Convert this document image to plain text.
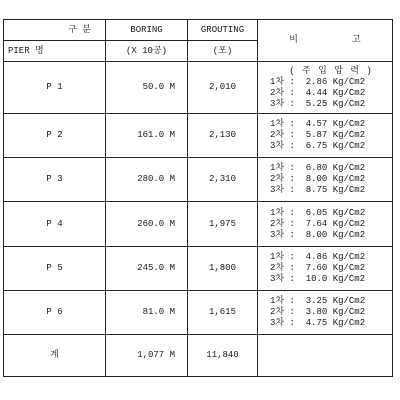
구 분	BORING	GROUTING	비          고

PIER 명	(X 10공)	(포)	
P 1	50.0 M	2,010	( 주 입 압 력 )
1차 :  2.86 Kg/Cm2
2차 :  4.44 Kg/Cm2
3차 :  5.25 Kg/Cm2

P 2	161.0 M	2,130	1차 :  4.57 Kg/Cm2
2차 :  5.87 Kg/Cm2
3차 :  6.75 Kg/Cm2

P 3	280.0 M	2,310	1차 :  6.80 Kg/Cm2
2차 :  8.00 Kg/Cm2
3차 :  8.75 Kg/Cm2

P 4	260.0 M	1,975	1차 :  6.05 Kg/Cm2
2차 :  7.64 Kg/Cm2
3차 :  8.00 Kg/Cm2

P 5	245.0 M	1,800	1차 :  4.86 Kg/Cm2
2차 :  7.60 Kg/Cm2
3차 :  10.0 Kg/Cm2

P 6	81.0 M	1,615	1차 :  3.25 Kg/Cm2
2차 :  3.80 Kg/Cm2
3차 :  4.75 Kg/Cm2

계	1,077 M	11,840	
